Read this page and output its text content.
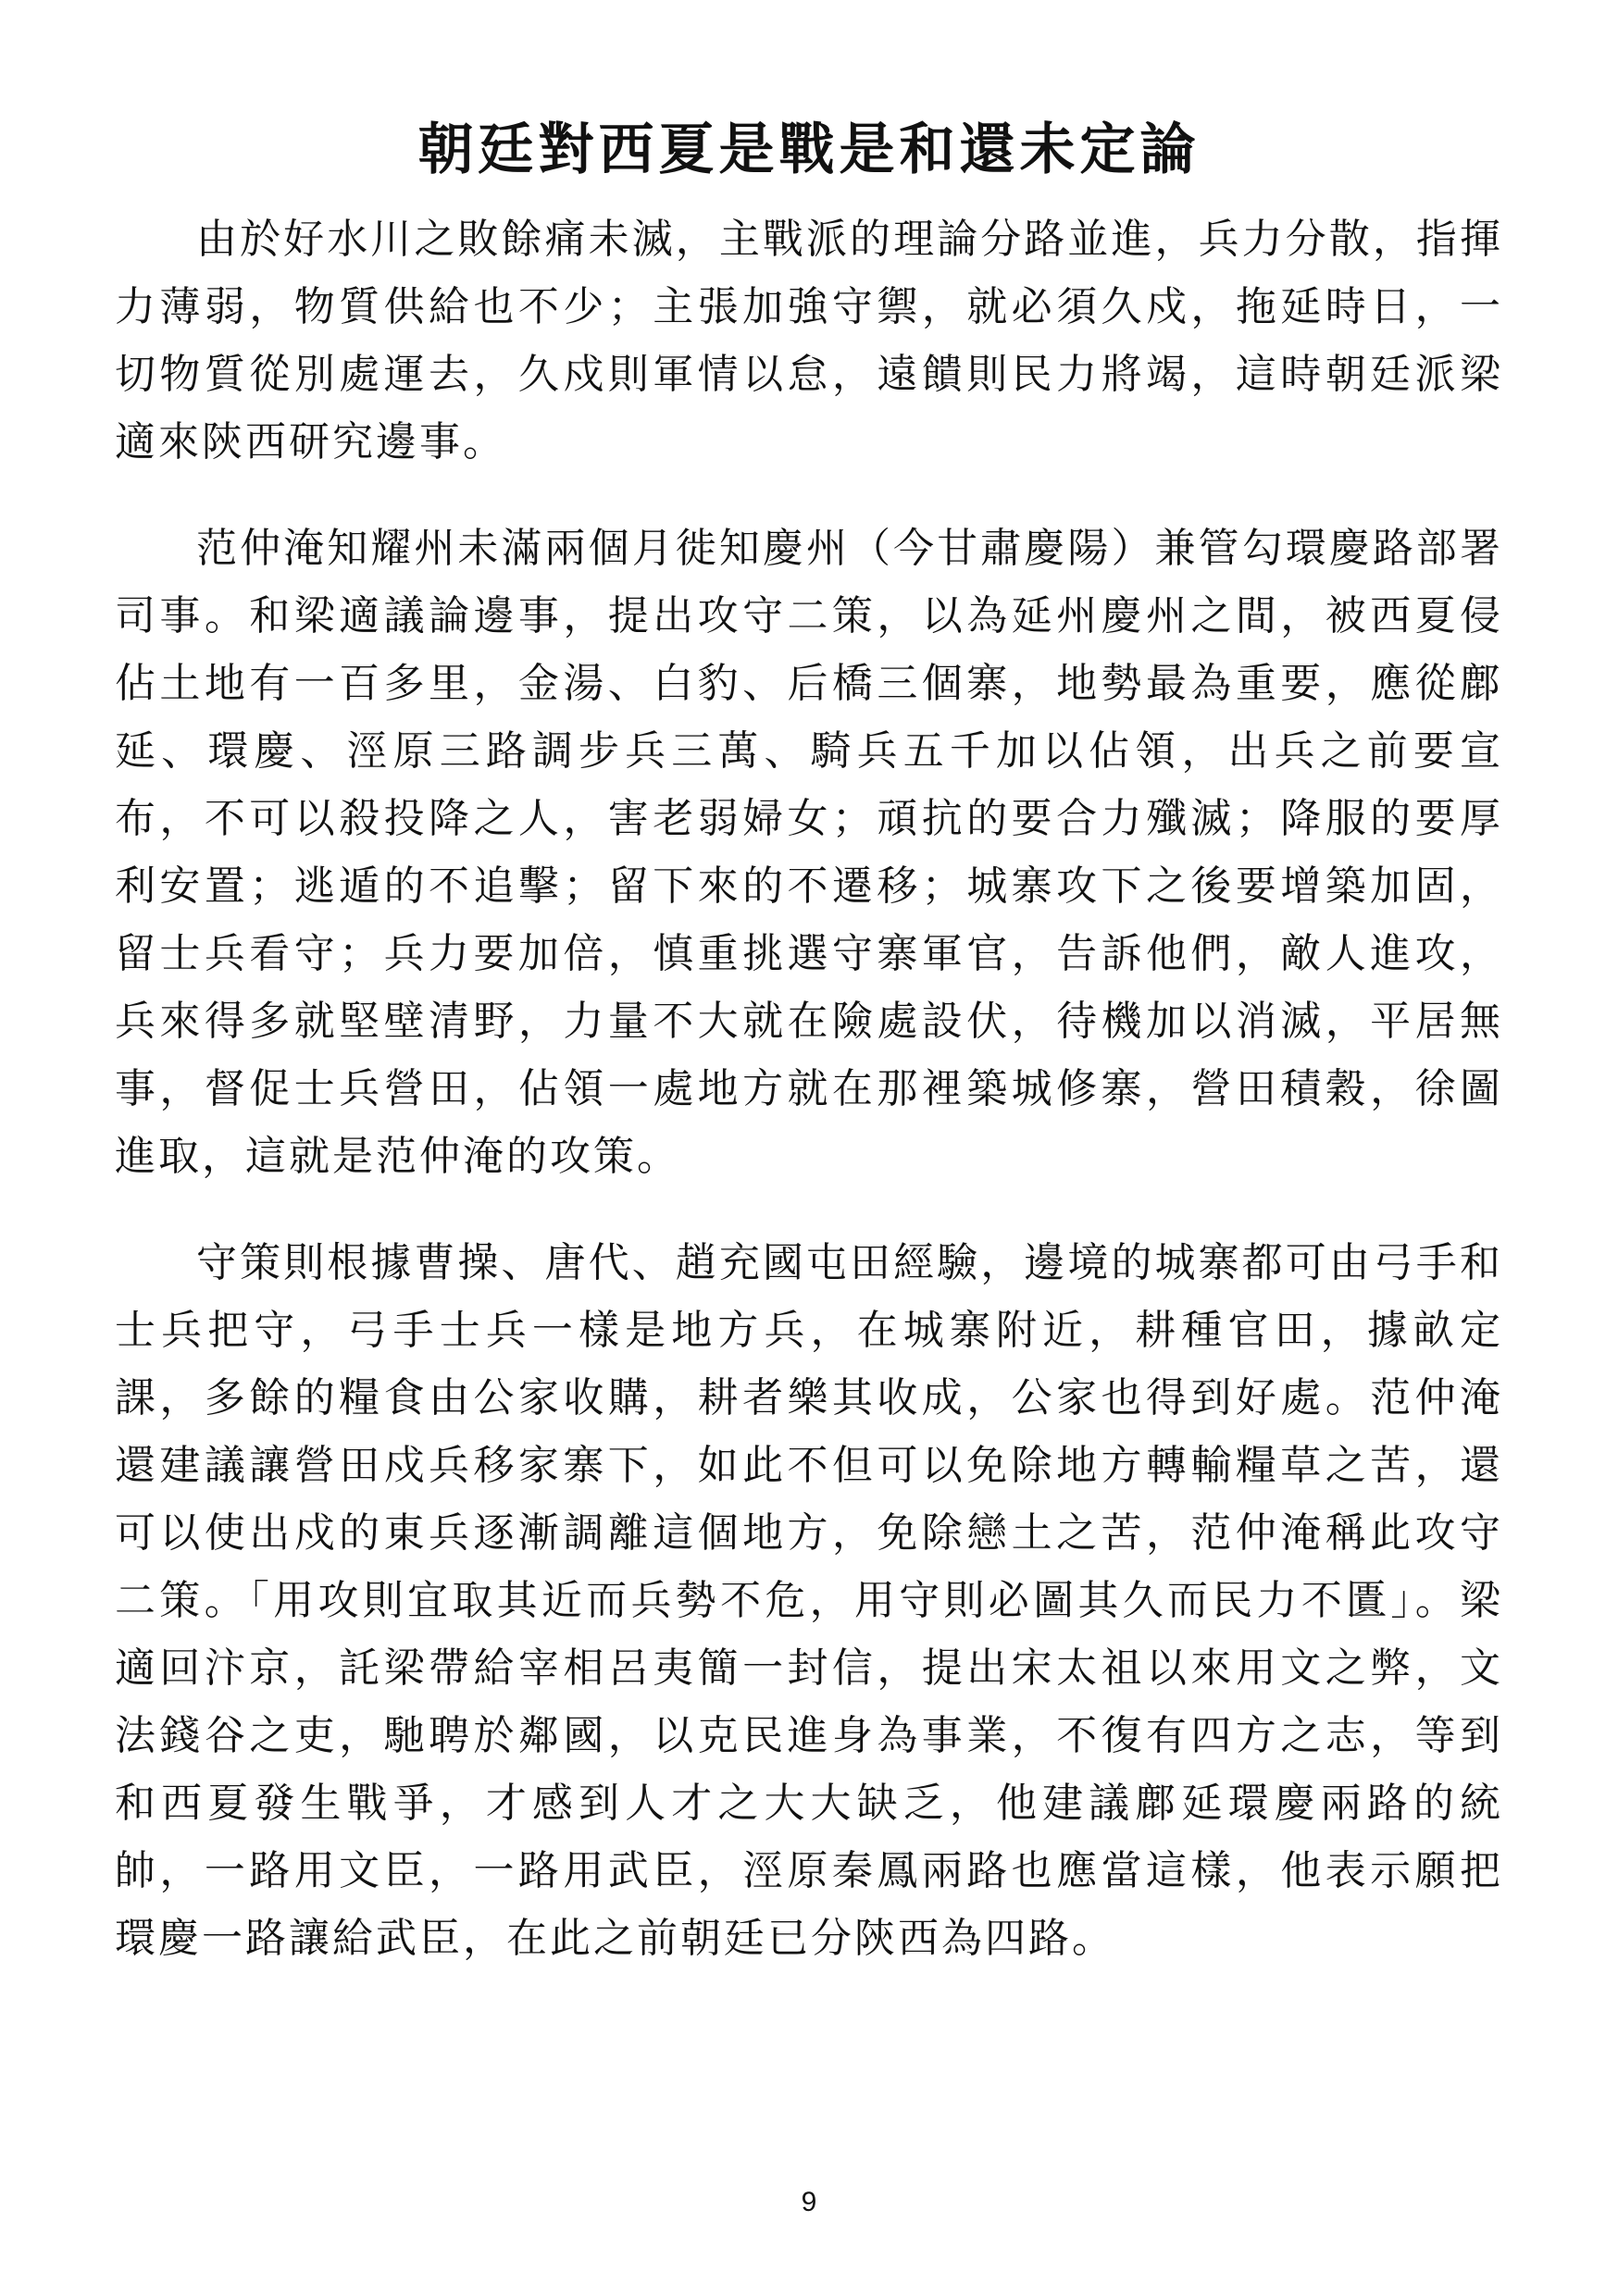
朝廷對西夏是戰是和還未定論

由於好水川之敗餘痛未滅，主戰派的理論分路並進，兵力分散，指揮力薄弱，物質供給也不少；主張加強守禦，就必須久戍，拖延時日，一切物質從別處運去，久戍則軍情以怠，遠饋則民力將竭，這時朝廷派梁適來陝西研究邊事。

范仲淹知耀州未滿兩個月徙知慶州（今甘肅慶陽）兼管勾環慶路部署司事。和梁適議論邊事，提出攻守二策，以為延州慶州之間，被西夏侵佔土地有一百多里，金湯、白豹、后橋三個寨，地勢最為重要，應從鄜延、環慶、涇原三路調步兵三萬、騎兵五千加以佔領，出兵之前要宣布，不可以殺投降之人，害老弱婦女；頑抗的要合力殲滅；降服的要厚利安置；逃遁的不追擊；留下來的不遷移；城寨攻下之後要增築加固，留士兵看守；兵力要加倍，慎重挑選守寨軍官，告訴他們，敵人進攻，兵來得多就堅壁清野，力量不大就在險處設伏，待機加以消滅，平居無事，督促士兵營田，佔領一處地方就在那裡築城修寨，營田積穀，徐圖進取，這就是范仲淹的攻策。

守策則根據曹操、唐代、趙充國屯田經驗，邊境的城寨都可由弓手和士兵把守，弓手士兵一樣是地方兵，在城寨附近，耕種官田，據畝定課，多餘的糧食由公家收購，耕者樂其收成，公家也得到好處。范仲淹還建議讓營田戍兵移家寨下，如此不但可以免除地方轉輸糧草之苦，還可以使出戍的東兵逐漸調離這個地方，免除戀土之苦，范仲淹稱此攻守二策。「用攻則宜取其近而兵勢不危，用守則必圖其久而民力不匱」。梁適回汴京，託梁帶給宰相呂夷簡一封信，提出宋太祖以來用文之弊，文法錢谷之吏，馳聘於鄰國，以克民進身為事業，不復有四方之志，等到和西夏發生戰爭，才感到人才之大大缺乏，他建議鄜延環慶兩路的統帥，一路用文臣，一路用武臣，涇原秦鳳兩路也應當這樣，他表示願把環慶一路讓給武臣，在此之前朝廷已分陝西為四路。

9
